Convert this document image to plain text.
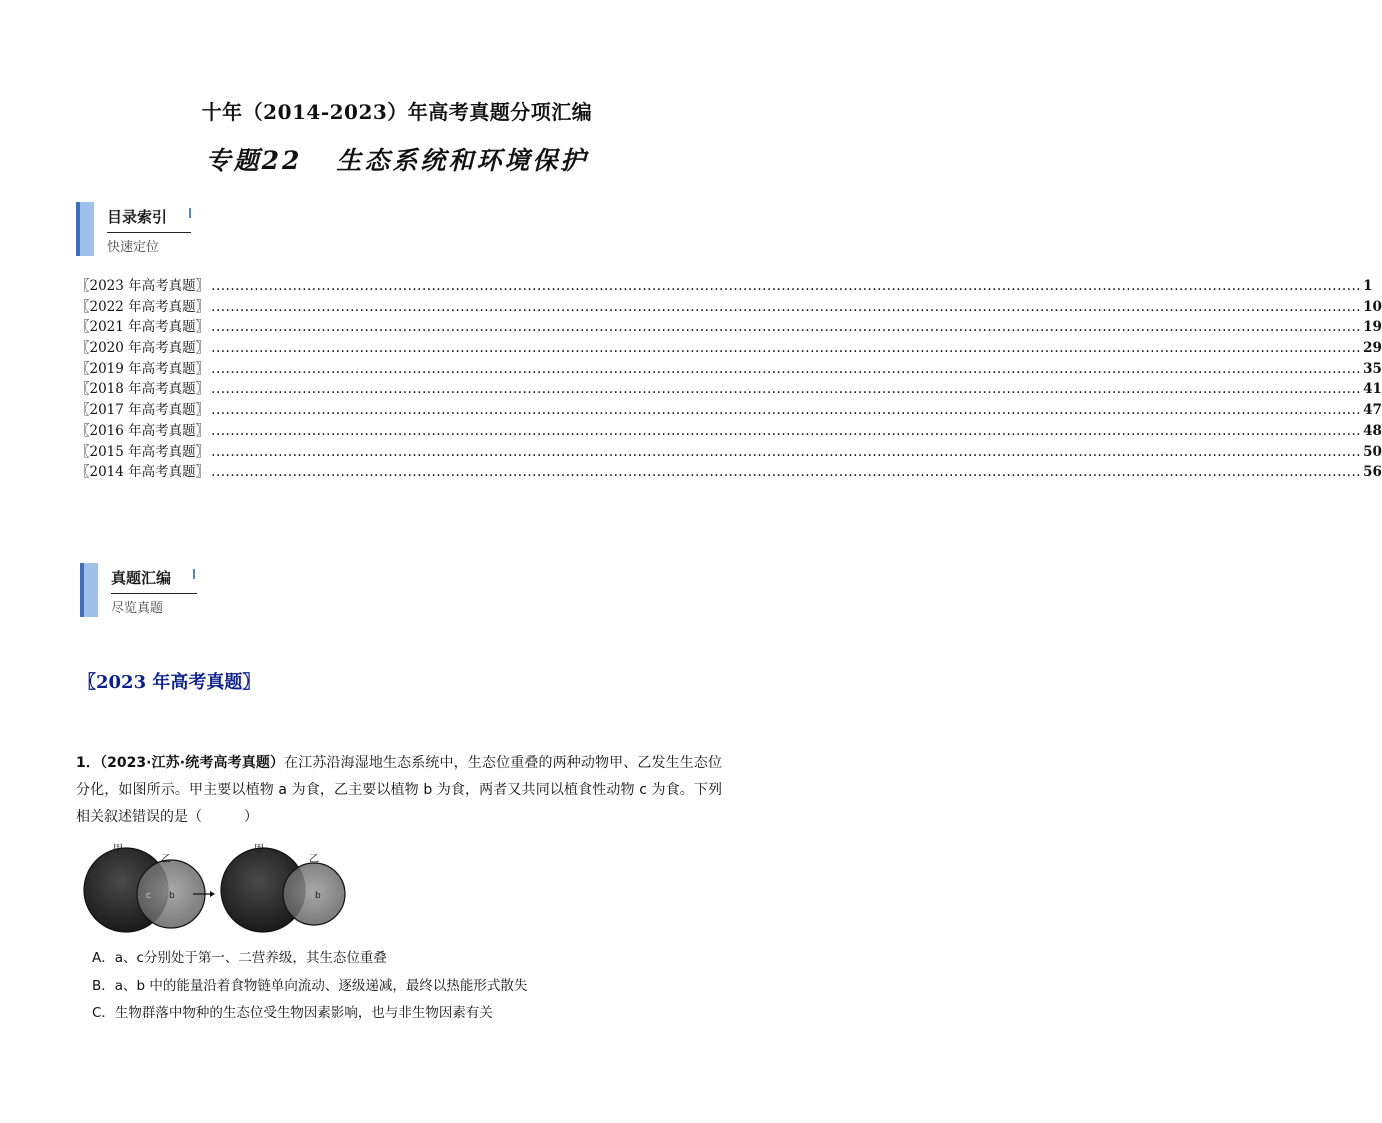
十年（2014-2023）年高考真题分项汇编
专题22 生态系统和环境保护
目录索引
快速定位
〖2023 年高考真题〗 ................................................................................................................................................................................................................................................ 1
〖2022 年高考真题〗 ................................................................................................................................................................................................................................................ 10
〖2021 年高考真题〗 ................................................................................................................................................................................................................................................ 19
〖2020 年高考真题〗 ................................................................................................................................................................................................................................................ 29
〖2019 年高考真题〗 ................................................................................................................................................................................................................................................ 35
〖2018 年高考真题〗 ................................................................................................................................................................................................................................................ 41
〖2017 年高考真题〗 ................................................................................................................................................................................................................................................ 47
〖2016 年高考真题〗 ................................................................................................................................................................................................................................................ 48
〖2015 年高考真题〗 ................................................................................................................................................................................................................................................ 50
〖2014 年高考真题〗 ................................................................................................................................................................................................................................................ 56
真题汇编
尽览真题
〖2023 年高考真题〗
1．（2023·江苏·统考高考真题）在江苏沿海湿地生态系统中，生态位重叠的两种动物甲、乙发生生态位分化，如图所示。甲主要以植物 a 为食，乙主要以植物 b 为食，两者又共同以植食性动物 c 为食。下列相关叙述错误的是（　　　）
甲
乙
c b
甲
乙
b
A．a、c分别处于第一、二营养级，其生态位重叠
B．a、b 中的能量沿着食物链单向流动、逐级递减，最终以热能形式散失
C．生物群落中物种的生态位受生物因素影响，也与非生物因素有关
